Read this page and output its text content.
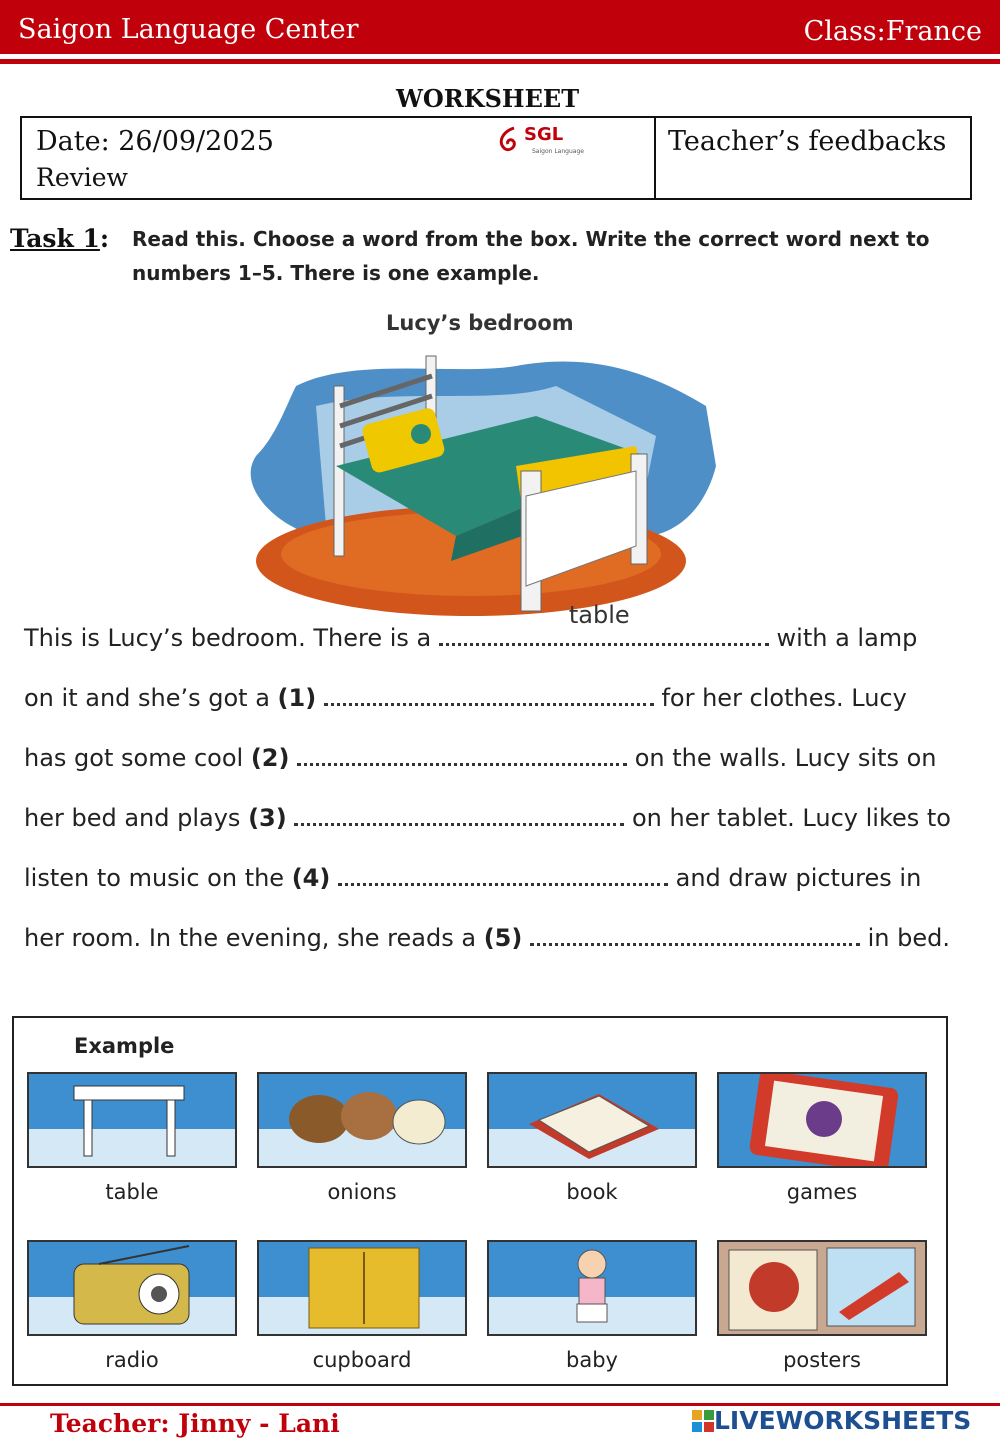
Saigon Language Center	Class:France
WORKSHEET
Date: 26/09/2025
Review
SGL
Saigon Language	Teacher’s feedbacks
Task 1: Read this. Choose a word from the box. Write the correct word next to numbers 1–5. There is one example.
Lucy’s bedroom
This is Lucy’s bedroom. There is a
table
with a lamp
on it and she’s got a (1)	for her clothes. Lucy
has got some cool (2)	on the walls. Lucy sits on
her bed and plays (3)	on her tablet. Lucy likes to
listen to music on the (4)	and draw pictures in
her room. In the evening, she reads a (5)	in bed.
Example
table	onions	book	games
radio	cupboard	baby	posters
Teacher: Jinny - Lani	LIVEWORKSHEETS
